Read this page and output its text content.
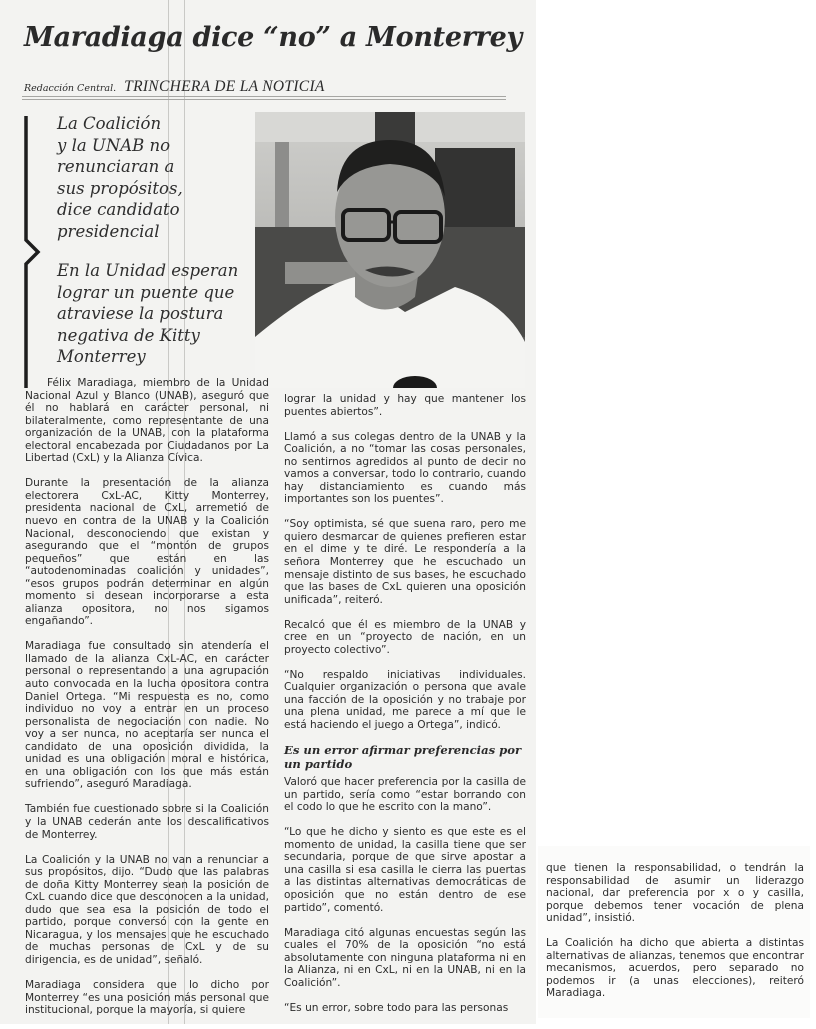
Maradiaga dice “no” a Monterrey
Redacción Central. TRINCHERA DE LA NOTICIA
La Coalición
y la UNAB no
renunciaran a
sus propósitos,
dice candidato
presidencial
En la Unidad esperan
lograr un puente que
atraviese la postura
negativa de Kitty
Monterrey

Félix Maradiaga, miembro de la Unidad Nacional Azul y Blanco (UNAB), aseguró que él no hablará en carácter personal, ni bilateralmente, como representante de una organización de la UNAB, con la plataforma electoral encabezada por Ciudadanos por La Libertad (CxL) y la Alianza Cívica.

Durante la presentación de la alianza electorera CxL-AC, Kitty Monterrey, presidenta nacional de CxL, arremetió de nuevo en contra de la UNAB y la Coalición Nacional, desconociendo que existan y asegurando que el “montón de grupos pequeños” que están en las “autodenominadas coalición y unidades”, “esos grupos podrán determinar en algún momento si desean incorporarse a esta alianza opositora, no nos sigamos engañando”.

Maradiaga fue consultado sin atendería el llamado de la alianza CxL-AC, en carácter personal o representando a una agrupación auto convocada en la lucha opositora contra Daniel Ortega. “Mi respuesta es no, como individuo no voy a entrar en un proceso personalista de negociación con nadie. No voy a ser nunca, no aceptaría ser nunca el candidato de una oposición dividida, la unidad es una obligación moral e histórica, en una obligación con los que más están sufriendo”, aseguró Maradiaga.

También fue cuestionado sobre si la Coalición y la UNAB cederán ante los descalificativos de Monterrey.

La Coalición y la UNAB no van a renunciar a sus propósitos, dijo. “Dudo que las palabras de doña Kitty Monterrey sean la posición de CxL cuando dice que desconocen a la unidad, dudo que sea esa la posición de todo el partido, porque conversó con la gente en Nicaragua, y los mensajes que he escuchado de muchas personas de CxL y de su dirigencia, es de unidad”, señaló.

Maradiaga considera que lo dicho por Monterrey “es una posición más personal que institucional, porque la mayoría, si quiere

lograr la unidad y hay que mantener los puentes abiertos”.

Llamó a sus colegas dentro de la UNAB y la Coalición, a no “tomar las cosas personales, no sentirnos agredidos al punto de decir no vamos a conversar, todo lo contrario, cuando hay distanciamiento es cuando más importantes son los puentes”.

“Soy optimista, sé que suena raro, pero me quiero desmarcar de quienes prefieren estar en el dime y te diré. Le respondería a la señora Monterrey que he escuchado un mensaje distinto de sus bases, he escuchado que las bases de CxL quieren una oposición unificada”, reiteró.

Recalcó que él es miembro de la UNAB y cree en un “proyecto de nación, en un proyecto colectivo”.

“No respaldo iniciativas individuales. Cualquier organización o persona que avale una facción de la oposición y no trabaje por una plena unidad, me parece a mí que le está haciendo el juego a Ortega”, indicó.

Es un error afirmar preferencias por un partido

Valoró que hacer preferencia por la casilla de un partido, sería como “estar borrando con el codo lo que he escrito con la mano”.

“Lo que he dicho y siento es que este es el momento de unidad, la casilla tiene que ser secundaria, porque de que sirve apostar a una casilla si esa casilla le cierra las puertas a las distintas alternativas democráticas de oposición que no están dentro de ese partido”, comentó.

Maradiaga citó algunas encuestas según las cuales el 70% de la oposición “no está absolutamente con ninguna plataforma ni en la Alianza, ni en CxL, ni en la UNAB, ni en la Coalición”.

“Es un error, sobre todo para las personas

que tienen la responsabilidad, o tendrán la responsabilidad de asumir un liderazgo nacional, dar preferencia por x o y casilla, porque debemos tener vocación de plena unidad”, insistió.

La Coalición ha dicho que abierta a distintas alternativas de alianzas, tenemos que encontrar mecanismos, acuerdos, pero separado no podemos ir (a unas elecciones), reiteró Maradiaga.
